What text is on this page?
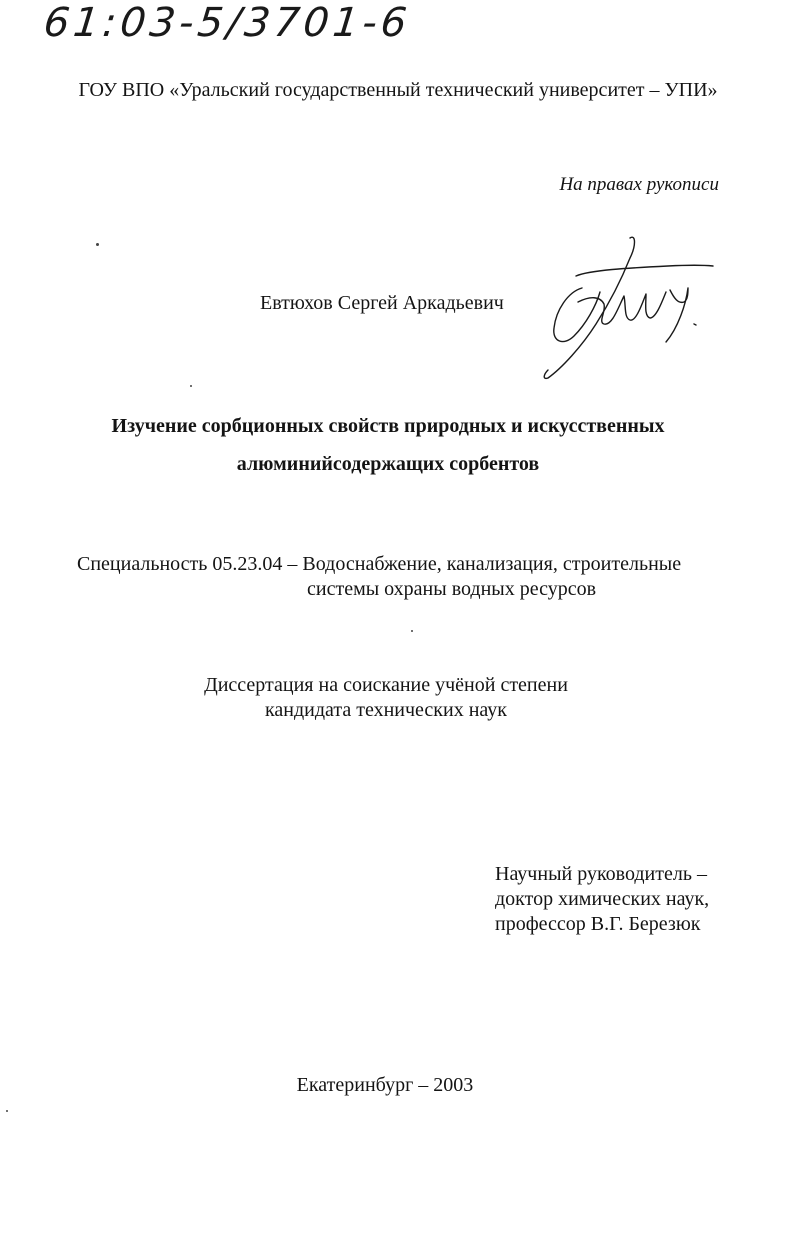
61:03-5/3701-6
ГОУ ВПО «Уральский государственный технический университет – УПИ»
На правах рукописи
Евтюхов Сергей Аркадьевич
Изучение сорбционных свойств природных и искусственных
алюминийсодержащих сорбентов
Специальность 05.23.04 – Водоснабжение, канализация, строительные
системы охраны водных ресурсов
Диссертация на соискание учёной степени
кандидата технических наук
Научный руководитель –
доктор химических наук,
профессор В.Г. Березюк
Екатеринбург – 2003
